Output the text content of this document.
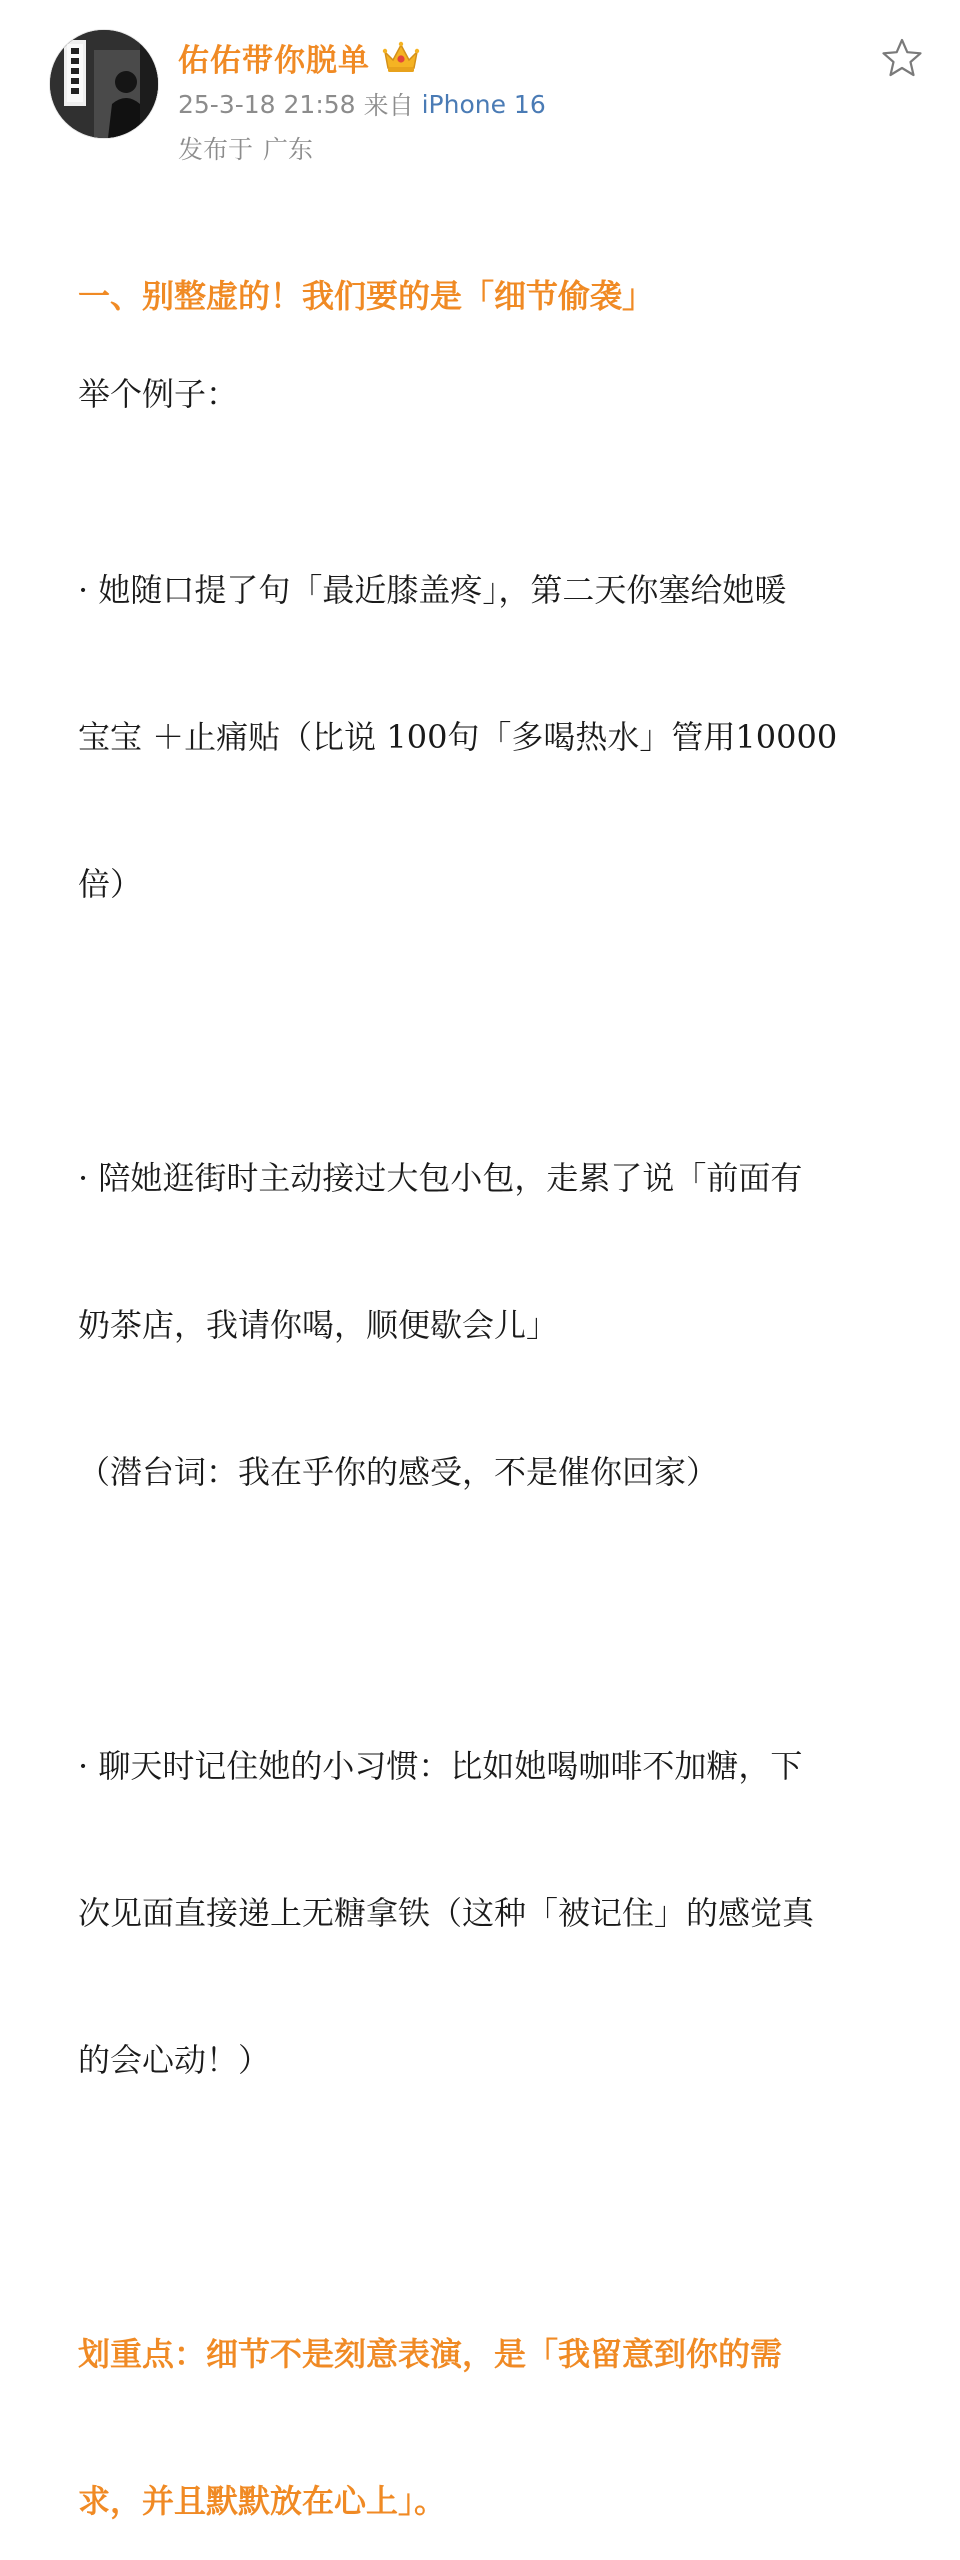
佑佑带你脱单
25-3-18 21:58 来自 iPhone 16
发布于 广东

一、别整虚的！我们要的是「细节偷袭」

举个例子：

· 她随口提了句「最近膝盖疼」，第二天你塞给她暖

宝宝 ＋止痛贴（比说 100句「多喝热水」管用10000

倍）

· 陪她逛街时主动接过大包小包，走累了说「前面有

奶茶店，我请你喝，顺便歇会儿」

（潜台词：我在乎你的感受，不是催你回家）

· 聊天时记住她的小习惯：比如她喝咖啡不加糖，下

次见面直接递上无糖拿铁（这种「被记住」的感觉真

的会心动！）

划重点：细节不是刻意表演，是「我留意到你的需

求，并且默默放在心上」。
